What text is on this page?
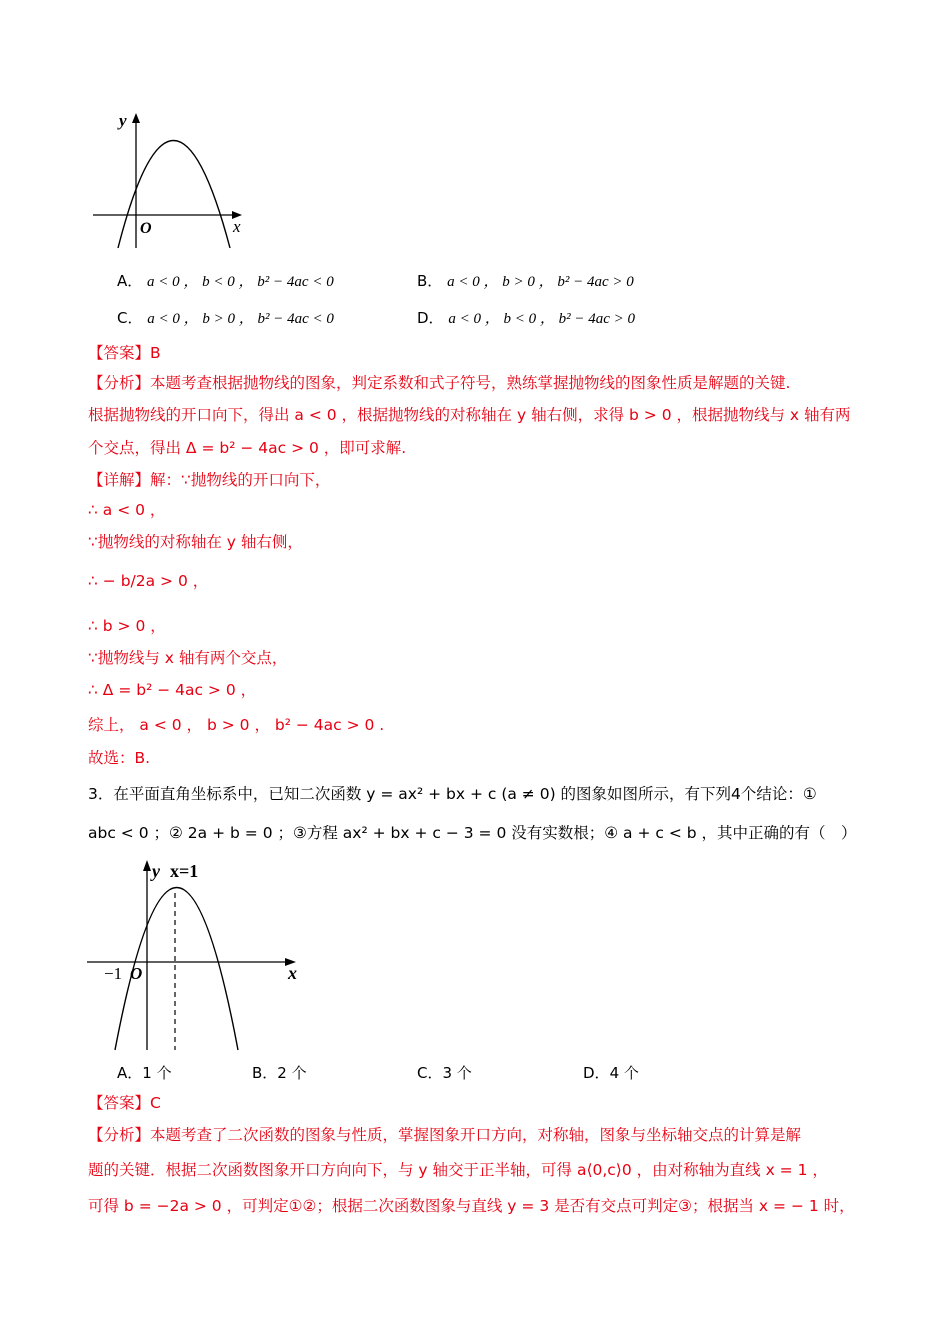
y
x
O
A． a < 0 ， b < 0 ， b² − 4ac < 0	B． a < 0 ， b > 0 ， b² − 4ac > 0
C． a < 0 ， b > 0 ， b² − 4ac < 0	D． a < 0 ， b < 0 ， b² − 4ac > 0
【答案】B
【分析】本题考查根据抛物线的图象，判定系数和式子符号，熟练掌握抛物线的图象性质是解题的关键.
根据抛物线的开口向下，得出 a < 0 ，根据抛物线的对称轴在 y 轴右侧，求得 b > 0 ，根据抛物线与 x 轴有两
个交点，得出 Δ = b² − 4ac > 0 ，即可求解.
【详解】解：∵抛物线的开口向下，
∴ a < 0 ，
∵抛物线的对称轴在 y 轴右侧，
∴ − b/2a > 0 ，
∴ b > 0 ，
∵抛物线与 x 轴有两个交点，
∴ Δ = b² − 4ac > 0 ，
综上， a < 0 ， b > 0 ， b² − 4ac > 0 .
故选：B.
3．在平面直角坐标系中，已知二次函数 y = ax² + bx + c (a ≠ 0) 的图象如图所示，有下列4个结论：①
abc < 0 ；② 2a + b = 0 ；③方程 ax² + bx + c − 3 = 0 没有实数根；④ a + c < b ，其中正确的有（　）
y x=1
x
−1 O
A．1 个	B．2 个	C．3 个	D．4 个
【答案】C
【分析】本题考查了二次函数的图象与性质，掌握图象开口方向，对称轴，图象与坐标轴交点的计算是解
题的关键．根据二次函数图象开口方向向下，与 y 轴交于正半轴，可得 a⟨0,c⟩0 ，由对称轴为直线 x = 1 ，
可得 b = −2a > 0 ，可判定①②；根据二次函数图象与直线 y = 3 是否有交点可判定③；根据当 x = − 1 时，
